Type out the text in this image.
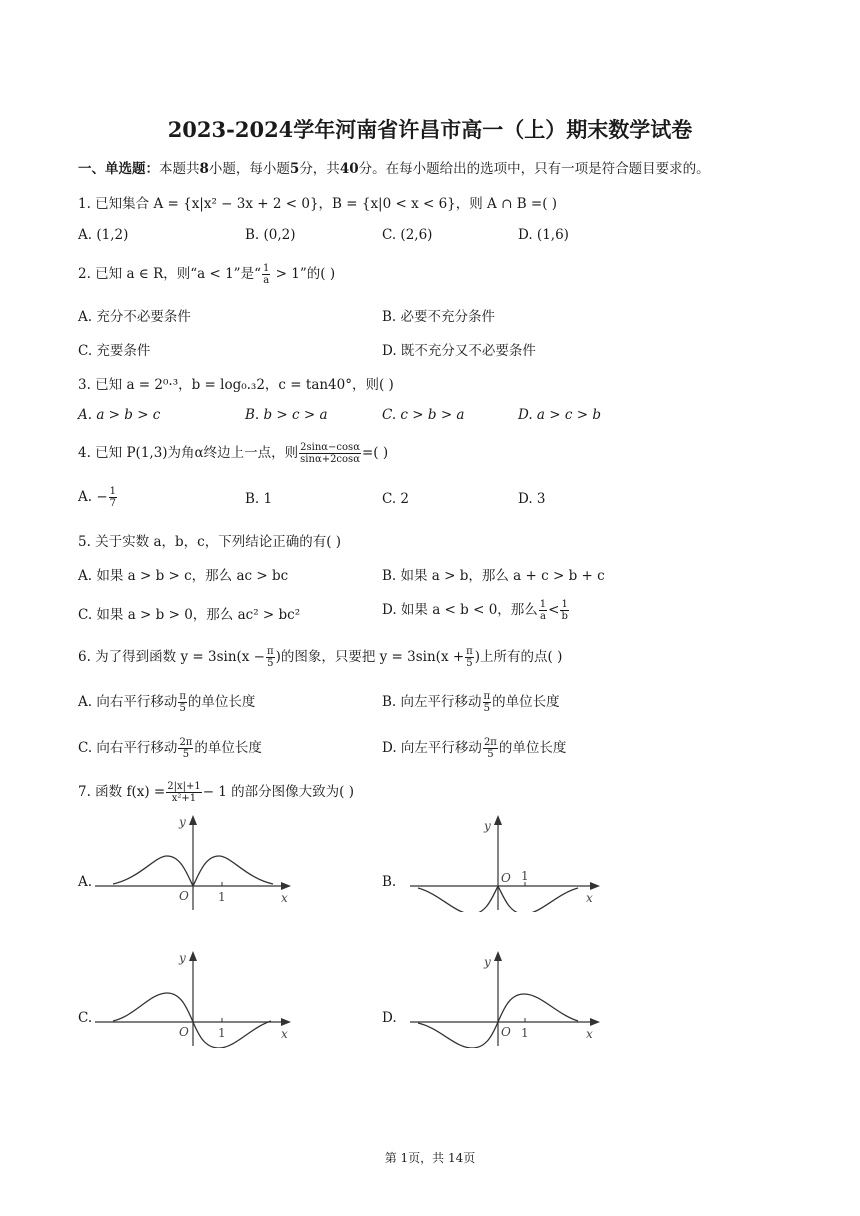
2023-2024学年河南省许昌市高一（上）期末数学试卷
一、单选题：本题共8小题，每小题5分，共40分。在每小题给出的选项中，只有一项是符合题目要求的。
1. 已知集合 A = {x|x² − 3x + 2 < 0}，B = {x|0 < x < 6}，则 A ∩ B =( )
A. (1,2)	B. (0,2)	C. (2,6)	D. (1,6)
2. 已知 a ∈ R，则“a < 1”是“ $\frac{1}{a} > 1$”的( )
A. 充分不必要条件	B. 必要不充分条件
C. 充要条件	D. 既不充分又不必要条件
3. 已知 a = 2⁰·³，b = log₀.₃2，c = tan40°，则( )
A. a > b > c	B. b > c > a	C. c > b > a	D. a > c > b
4. 已知 P(1,3)为角α终边上一点，则 $\frac{2\sin\alpha-\cos\alpha}{\sin\alpha+2\cos\alpha}$ =( )
A. − $\frac{1}{7}$	B. 1	C. 2	D. 3
5. 关于实数 a，b，c，下列结论正确的有( )
A. 如果 a > b > c，那么 ac > bc	B. 如果 a > b，那么 a + c > b + c
C. 如果 a > b > 0，那么 ac² > bc²	D. 如果 a < b < 0，那么 $\frac{1}{a} < \frac{1}{b}$
6. 为了得到函数 $y = 3\sin(x - \frac{\pi}{5}$ )的图象，只要把 $y = 3\sin(x + \frac{\pi}{5}$ )上所有的点( )
A. 向右平行移动 $\frac{\pi}{5}$ 的单位长度	B. 向左平行移动 $\frac{\pi}{5}$ 的单位长度
C. 向右平行移动 $\frac{2\pi}{5}$ 的单位长度	D. 向左平行移动 $\frac{2\pi}{5}$ 的单位长度
7. 函数 $f(x) = \frac{2|x|+1}{\text{x²+1}} - 1$ 的部分图像大致为( )
A.	B.
C.	D.
y
O 1	x
y
O 1
x
y
O 1	x
y
O 1	x
第 1页，共 14页
